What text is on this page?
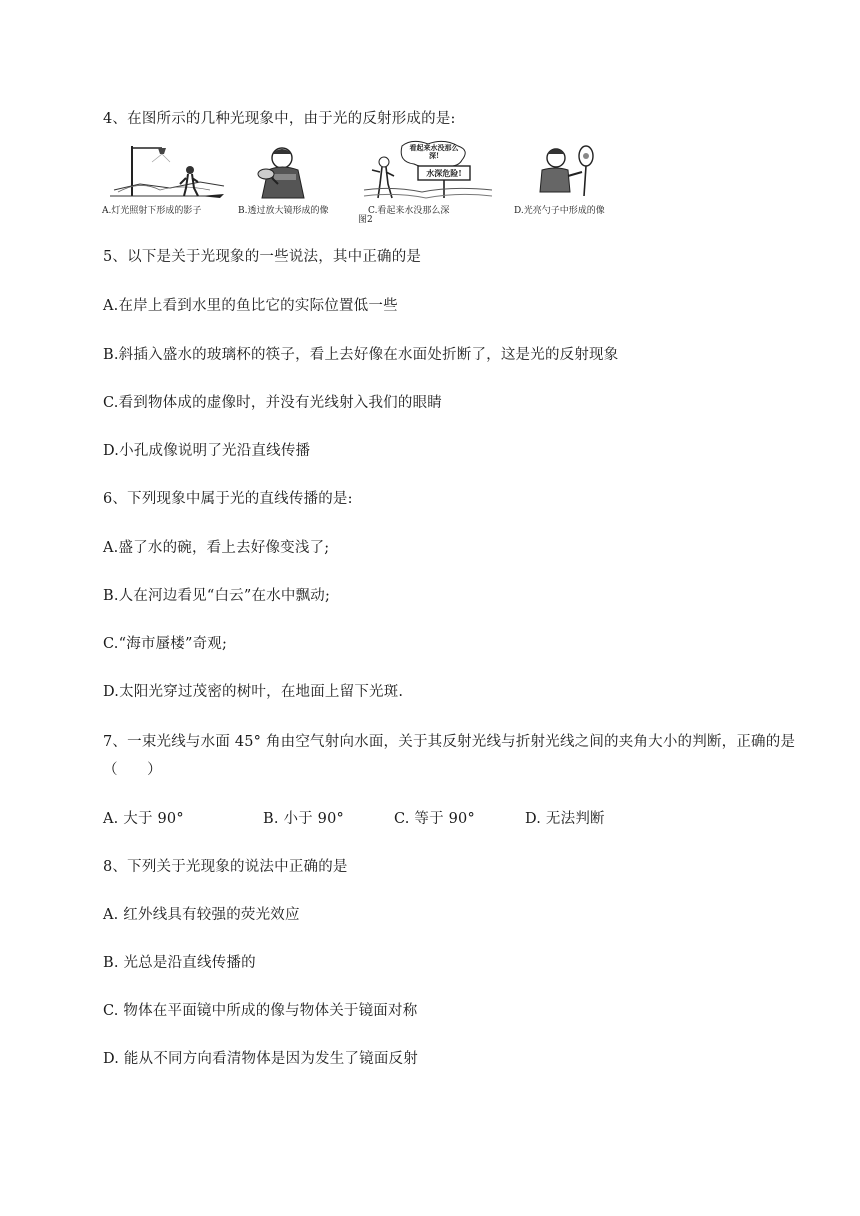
4、在图所示的几种光现象中，由于光的反射形成的是:
A.灯光照射下形成的影子	B.透过放大镜形成的像
看起来水没那么深!
水深危险!
C.看起来水没那么深	D.光亮勺子中形成的像
图2
5、以下是关于光现象的一些说法，其中正确的是
A.在岸上看到水里的鱼比它的实际位置低一些
B.斜插入盛水的玻璃杯的筷子，看上去好像在水面处折断了，这是光的反射现象
C.看到物体成的虚像时，并没有光线射入我们的眼睛
D.小孔成像说明了光沿直线传播
6、下列现象中属于光的直线传播的是:
A.盛了水的碗，看上去好像变浅了;
B.人在河边看见“白云”在水中飘动;
C.“海市蜃楼”奇观;
D.太阳光穿过茂密的树叶，在地面上留下光斑.
7、一束光线与水面 45° 角由空气射向水面，关于其反射光线与折射光线之间的夹角大小的判断，正确的是（　　）
A. 大于 90°	B. 小于 90°	C. 等于 90°	D. 无法判断
8、下列关于光现象的说法中正确的是
A. 红外线具有较强的荧光效应
B. 光总是沿直线传播的
C. 物体在平面镜中所成的像与物体关于镜面对称
D. 能从不同方向看清物体是因为发生了镜面反射
